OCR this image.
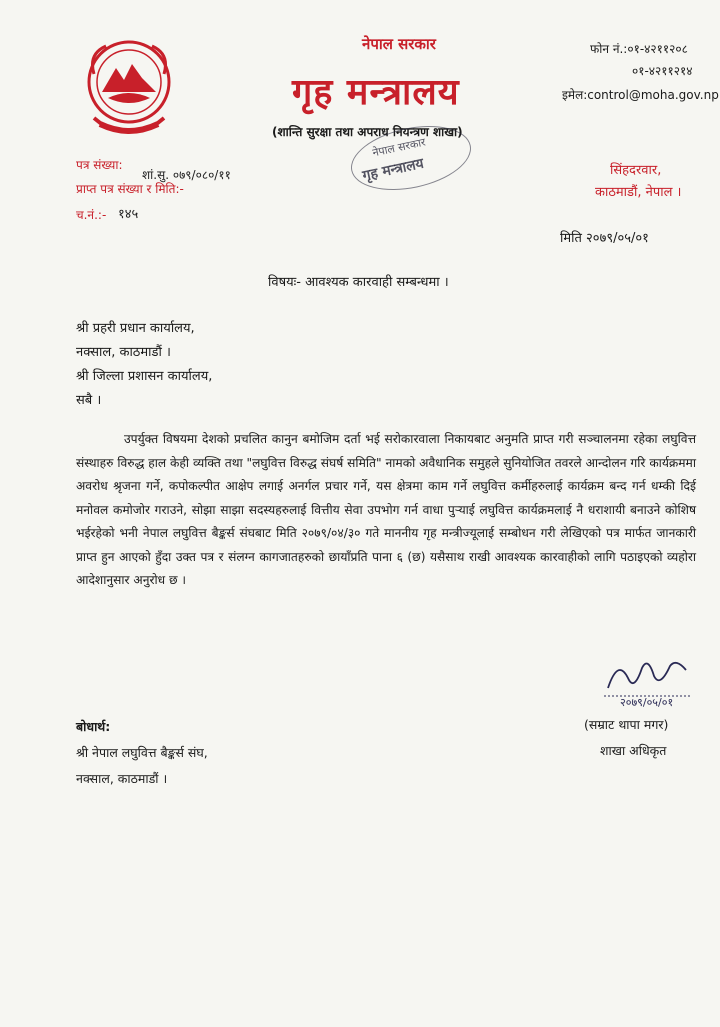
नेपाल सरकार
गृह मन्त्रालय
(शान्ति सुरक्षा तथा अपराध नियन्त्रण शाखा)
फोन नं.:०१-४२११२०८
०१-४२११२१४
इमेल:control@moha.gov.np
नेपाल सरकार
गृह मन्त्रालय
पत्र संख्या:
शां.सु. ०७९/०८०/११
प्राप्त पत्र संख्या र मिति:-
च.नं.:- १४५
सिंहदरवार,
काठमाडौं, नेपाल ।
मिति २०७९/०५/०१
विषयः- आवश्यक कारवाही सम्बन्धमा ।
श्री प्रहरी प्रधान कार्यालय,
नक्साल, काठमाडौं ।
श्री जिल्ला प्रशासन कार्यालय,
सबै ।
उपर्युक्त विषयमा देशको प्रचलित कानुन बमोजिम दर्ता भई सरोकारवाला निकायबाट अनुमति प्राप्त गरी सञ्चालनमा रहेका लघुवित्त संस्थाहरु विरुद्ध हाल केही व्यक्ति तथा "लघुवित्त विरुद्ध संघर्ष समिति" नामको अवैधानिक समुहले सुनियोजित तवरले आन्दोलन गरि कार्यक्रममा अवरोध श्रृजना गर्ने, कपोकल्पीत आक्षेप लगाई अनर्गल प्रचार गर्ने, यस क्षेत्रमा काम गर्ने लघुवित्त कर्मीहरुलाई कार्यक्रम बन्द गर्न धम्की दिई मनोवल कमोजोर गराउने, सोझा साझा सदस्यहरुलाई वित्तीय सेवा उपभोग गर्न वाधा पुऱ्याई लघुवित्त कार्यक्रमलाई नै धराशायी बनाउने कोशिष भईरहेको भनी नेपाल लघुवित्त बैङ्कर्स संघबाट मिति २०७९/०४/३० गते माननीय गृह मन्त्रीज्यूलाई सम्बोधन गरी लेखिएको पत्र मार्फत जानकारी प्राप्त हुन आएको हुँदा उक्त पत्र र संलग्न कागजातहरुको छायाँप्रति पाना ६ (छ) यसैसाथ राखी आवश्यक कारवाहीको लागि पठाइएको व्यहोरा आदेशानुसार अनुरोध छ ।
२०७९/०५/०१
(सम्राट थापा मगर)
शाखा अधिकृत
बोधार्थ:
श्री नेपाल लघुवित्त बैङ्कर्स संघ,
नक्साल, काठमाडौं ।
